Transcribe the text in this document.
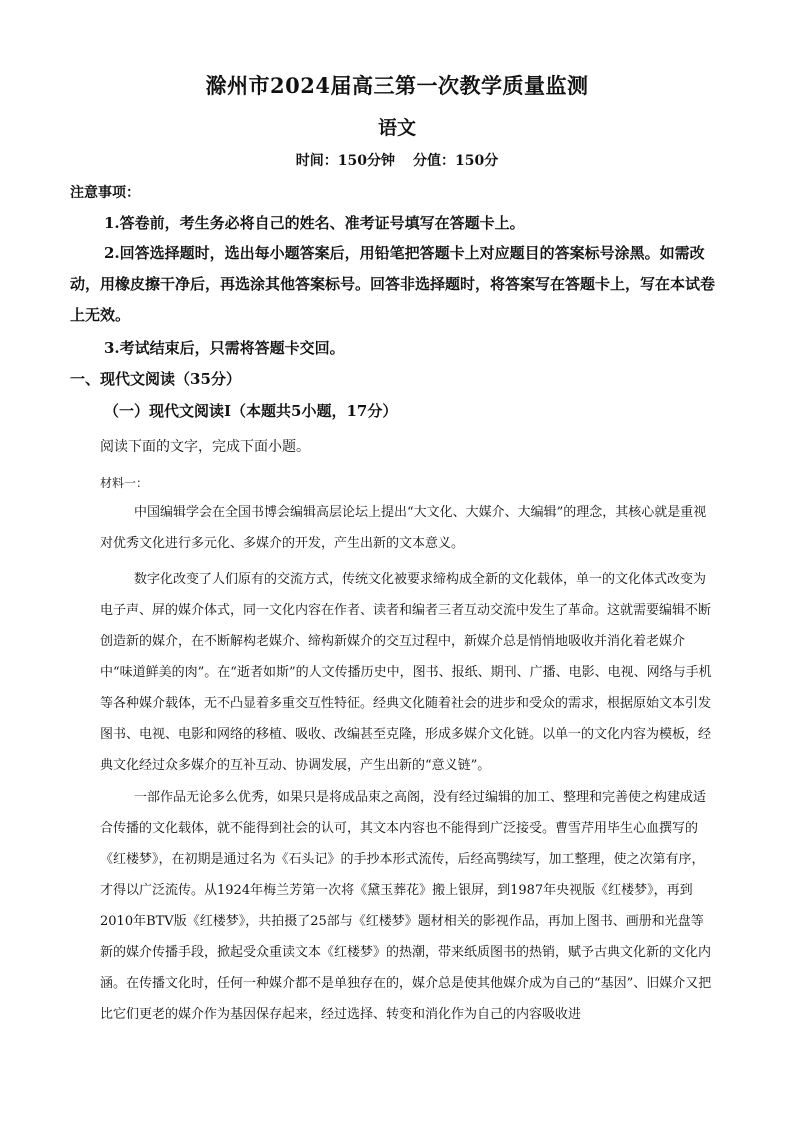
滁州市2024届高三第一次教学质量监测
语文
时间：150分钟 分值：150分
注意事项：
1.答卷前，考生务必将自己的姓名、准考证号填写在答题卡上。
2.回答选择题时，选出每小题答案后，用铅笔把答题卡上对应题目的答案标号涂黑。如需改动，用橡皮擦干净后，再选涂其他答案标号。回答非选择题时，将答案写在答题卡上，写在本试卷上无效。
3.考试结束后，只需将答题卡交回。
一、现代文阅读（35分）
（一）现代文阅读Ⅰ（本题共5小题，17分）
阅读下面的文字，完成下面小题。
材料一：
中国编辑学会在全国书博会编辑高层论坛上提出“大文化、大媒介、大编辑”的理念，其核心就是重视对优秀文化进行多元化、多媒介的开发，产生出新的文本意义。
数字化改变了人们原有的交流方式，传统文化被要求缔构成全新的文化载体，单一的文化体式改变为电子声、屏的媒介体式，同一文化内容在作者、读者和编者三者互动交流中发生了革命。这就需要编辑不断创造新的媒介，在不断解构老媒介、缔构新媒介的交互过程中，新媒介总是悄悄地吸收并消化着老媒介中“味道鲜美的肉”。在“逝者如斯”的人文传播历史中，图书、报纸、期刊、广播、电影、电视、网络与手机等各种媒介载体，无不凸显着多重交互性特征。经典文化随着社会的进步和受众的需求，根据原始文本引发图书、电视、电影和网络的移植、吸收、改编甚至克隆，形成多媒介文化链。以单一的文化内容为模板，经典文化经过众多媒介的互补互动、协调发展，产生出新的“意义链”。
一部作品无论多么优秀，如果只是将成品束之高阁，没有经过编辑的加工、整理和完善使之构建成适合传播的文化载体，就不能得到社会的认可，其文本内容也不能得到广泛接受。曹雪芹用毕生心血撰写的《红楼梦》，在初期是通过名为《石头记》的手抄本形式流传，后经高鹗续写，加工整理，使之次第有序，才得以广泛流传。从1924年梅兰芳第一次将《黛玉葬花》搬上银屏，到1987年央视版《红楼梦》，再到2010年BTV版《红楼梦》，共拍摄了25部与《红楼梦》题材相关的影视作品，再加上图书、画册和光盘等新的媒介传播手段，掀起受众重读文本《红楼梦》的热潮，带来纸质图书的热销，赋予古典文化新的文化内涵。在传播文化时，任何一种媒介都不是单独存在的，媒介总是使其他媒介成为自己的“基因”、旧媒介又把比它们更老的媒介作为基因保存起来，经过选择、转变和消化作为自己的内容吸收进
